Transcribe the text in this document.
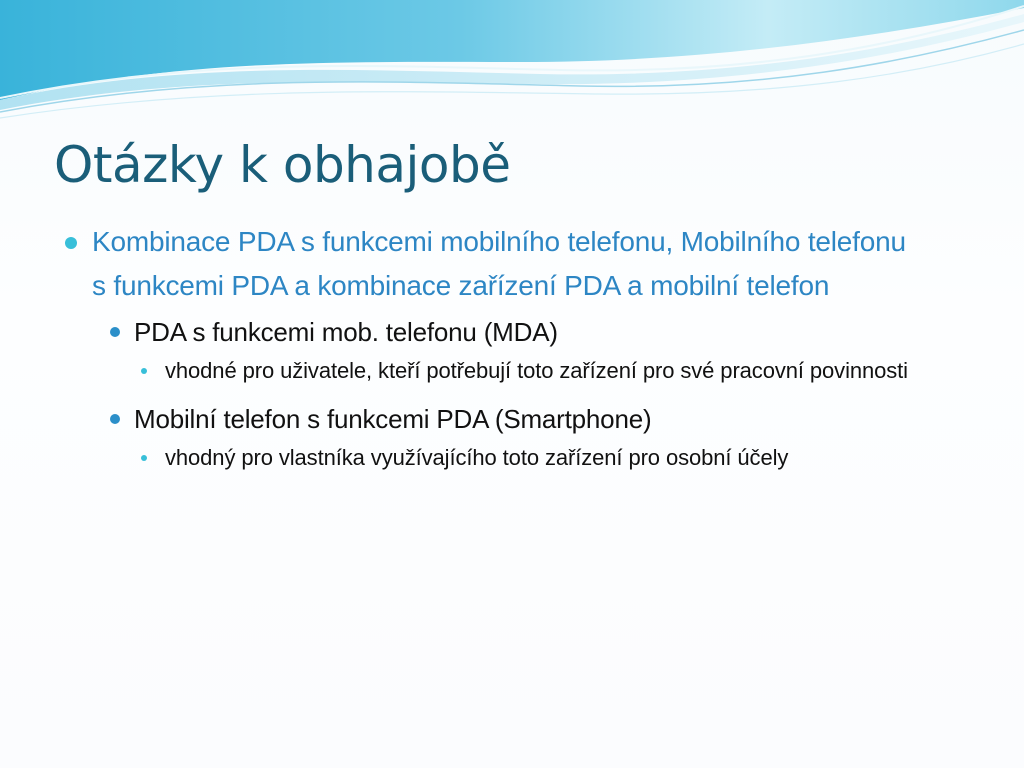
Otázky k obhajobě
Kombinace PDA s funkcemi mobilního telefonu, Mobilního telefonu s funkcemi PDA a kombinace zařízení PDA a mobilní telefon
PDA s funkcemi mob. telefonu (MDA)
vhodné pro uživatele, kteří potřebují toto zařízení pro své pracovní povinnosti
Mobilní telefon s funkcemi PDA (Smartphone)
vhodný pro vlastníka využívajícího toto zařízení pro osobní účely
